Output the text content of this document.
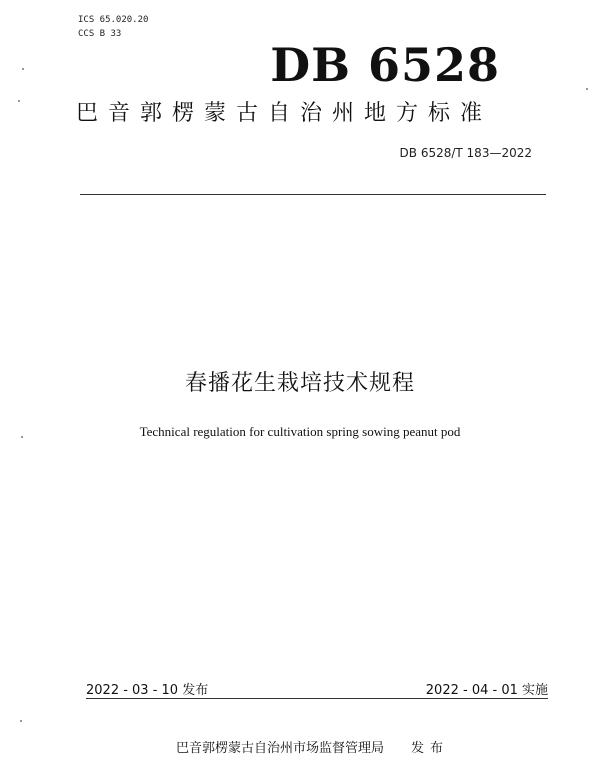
ICS 65.020.20
CCS B 33
DB 6528
巴音郭楞蒙古自治州地方标准
DB 6528/T 183—2022
春播花生栽培技术规程
Technical regulation for cultivation spring sowing peanut pod
2022 - 03 - 10 发布	2022 - 04 - 01 实施
巴音郭楞蒙古自治州市场监督管理局 发布
